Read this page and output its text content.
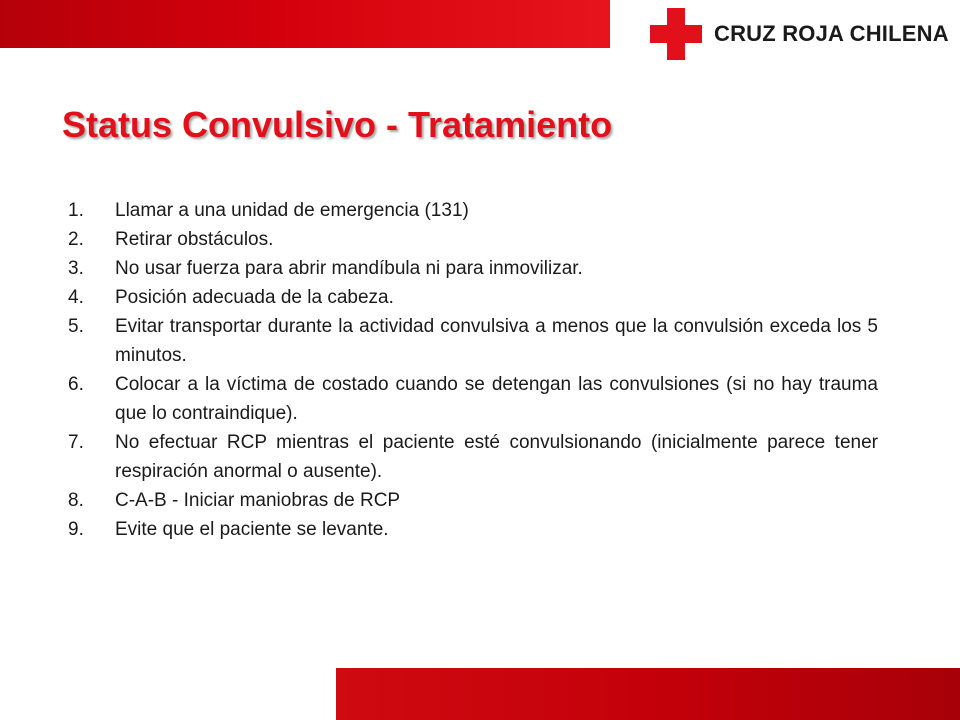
CRUZ ROJA CHILENA
Status Convulsivo - Tratamiento
1.	Llamar a una unidad de emergencia (131)
2.	Retirar obstáculos.
3.	No usar fuerza para abrir mandíbula ni para inmovilizar.
4.	Posición adecuada de la cabeza.
5.	Evitar transportar durante la actividad convulsiva a menos que la convulsión exceda los 5 minutos.
6.	Colocar a la víctima de costado cuando se detengan las convulsiones (si no hay trauma que lo contraindique).
7.	No efectuar RCP mientras el paciente esté convulsionando (inicialmente parece tener respiración anormal o ausente).
8.	C-A-B - Iniciar maniobras de RCP
9.	Evite que el paciente se levante.
